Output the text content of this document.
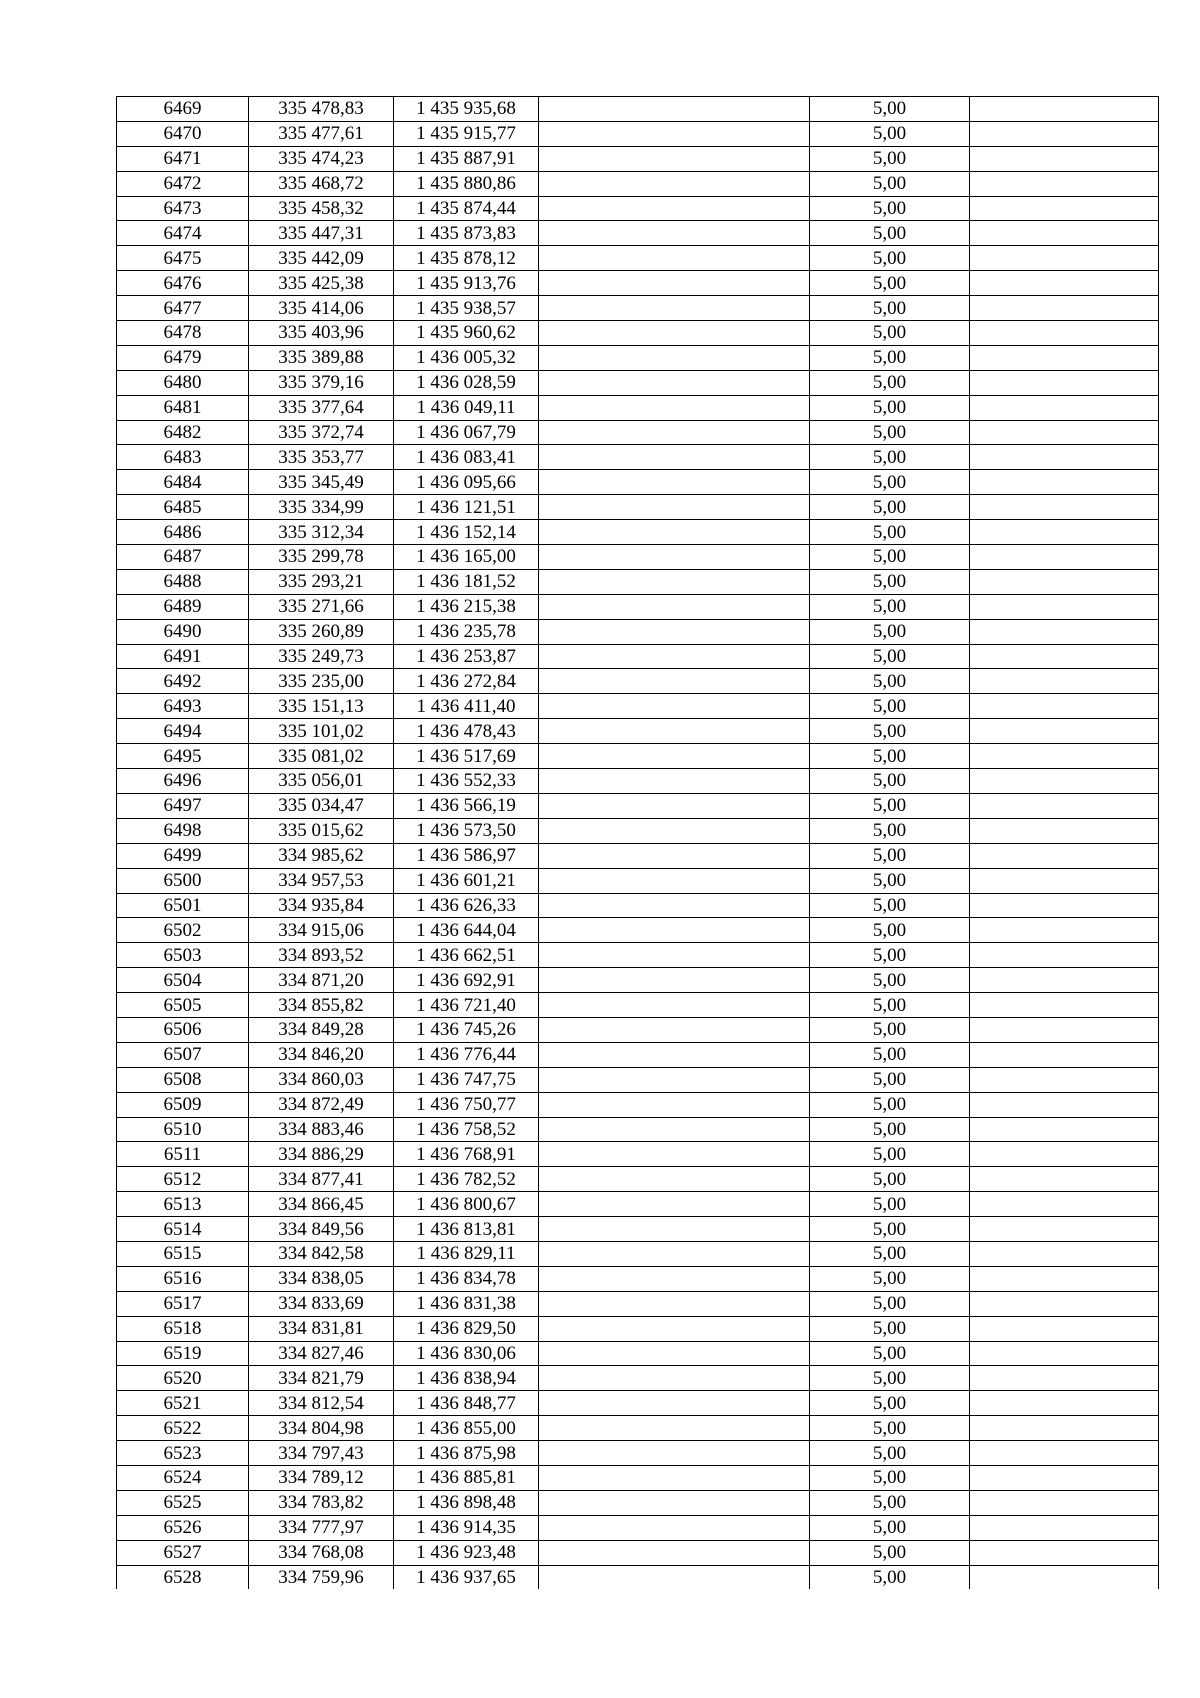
6469	335 478,83	1 435 935,68		5,00	
6470	335 477,61	1 435 915,77		5,00	
6471	335 474,23	1 435 887,91		5,00	
6472	335 468,72	1 435 880,86		5,00	
6473	335 458,32	1 435 874,44		5,00	
6474	335 447,31	1 435 873,83		5,00	
6475	335 442,09	1 435 878,12		5,00	
6476	335 425,38	1 435 913,76		5,00	
6477	335 414,06	1 435 938,57		5,00	
6478	335 403,96	1 435 960,62		5,00	
6479	335 389,88	1 436 005,32		5,00	
6480	335 379,16	1 436 028,59		5,00	
6481	335 377,64	1 436 049,11		5,00	
6482	335 372,74	1 436 067,79		5,00	
6483	335 353,77	1 436 083,41		5,00	
6484	335 345,49	1 436 095,66		5,00	
6485	335 334,99	1 436 121,51		5,00	
6486	335 312,34	1 436 152,14		5,00	
6487	335 299,78	1 436 165,00		5,00	
6488	335 293,21	1 436 181,52		5,00	
6489	335 271,66	1 436 215,38		5,00	
6490	335 260,89	1 436 235,78		5,00	
6491	335 249,73	1 436 253,87		5,00	
6492	335 235,00	1 436 272,84		5,00	
6493	335 151,13	1 436 411,40		5,00	
6494	335 101,02	1 436 478,43		5,00	
6495	335 081,02	1 436 517,69		5,00	
6496	335 056,01	1 436 552,33		5,00	
6497	335 034,47	1 436 566,19		5,00	
6498	335 015,62	1 436 573,50		5,00	
6499	334 985,62	1 436 586,97		5,00	
6500	334 957,53	1 436 601,21		5,00	
6501	334 935,84	1 436 626,33		5,00	
6502	334 915,06	1 436 644,04		5,00	
6503	334 893,52	1 436 662,51		5,00	
6504	334 871,20	1 436 692,91		5,00	
6505	334 855,82	1 436 721,40		5,00	
6506	334 849,28	1 436 745,26		5,00	
6507	334 846,20	1 436 776,44		5,00	
6508	334 860,03	1 436 747,75		5,00	
6509	334 872,49	1 436 750,77		5,00	
6510	334 883,46	1 436 758,52		5,00	
6511	334 886,29	1 436 768,91		5,00	
6512	334 877,41	1 436 782,52		5,00	
6513	334 866,45	1 436 800,67		5,00	
6514	334 849,56	1 436 813,81		5,00	
6515	334 842,58	1 436 829,11		5,00	
6516	334 838,05	1 436 834,78		5,00	
6517	334 833,69	1 436 831,38		5,00	
6518	334 831,81	1 436 829,50		5,00	
6519	334 827,46	1 436 830,06		5,00	
6520	334 821,79	1 436 838,94		5,00	
6521	334 812,54	1 436 848,77		5,00	
6522	334 804,98	1 436 855,00		5,00	
6523	334 797,43	1 436 875,98		5,00	
6524	334 789,12	1 436 885,81		5,00	
6525	334 783,82	1 436 898,48		5,00	
6526	334 777,97	1 436 914,35		5,00	
6527	334 768,08	1 436 923,48		5,00	
6528	334 759,96	1 436 937,65		5,00	
